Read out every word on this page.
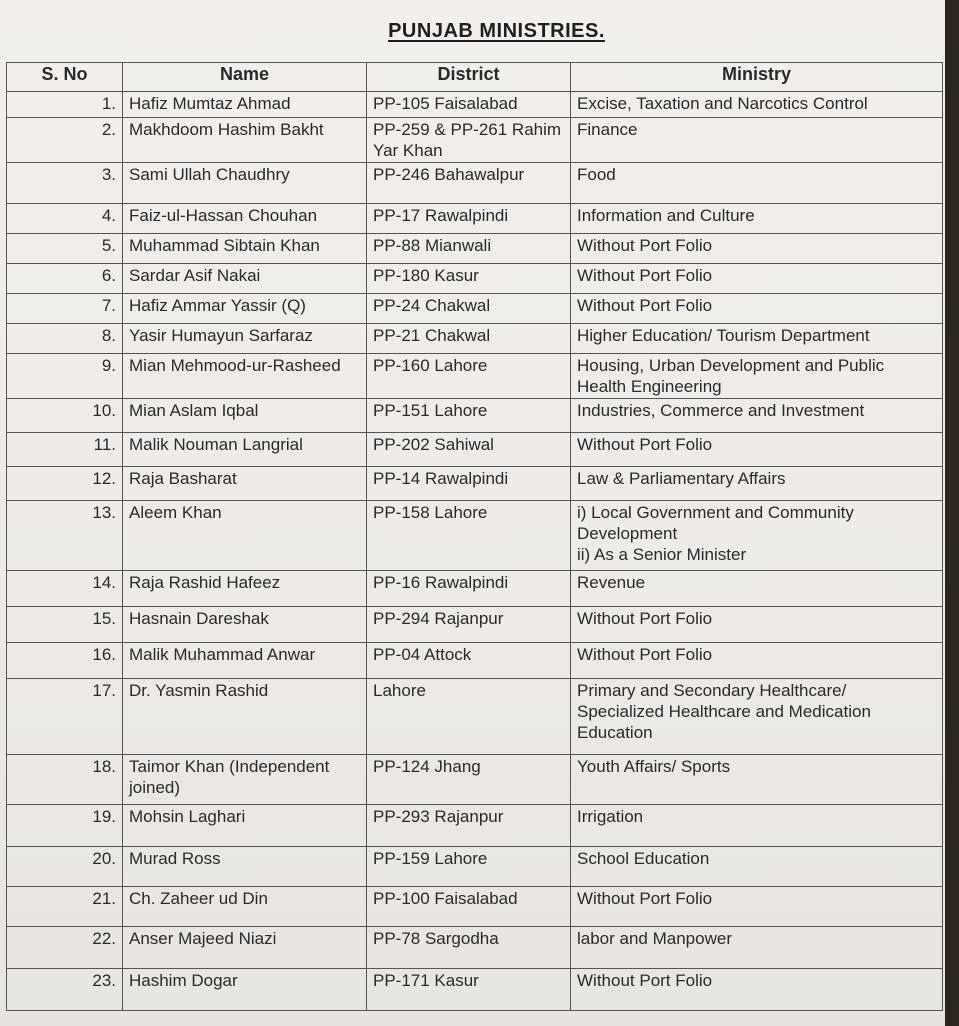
PUNJAB MINISTRIES.
S. No	Name	District	Ministry
1.	Hafiz Mumtaz Ahmad	PP-105 Faisalabad	Excise, Taxation and Narcotics Control
2.	Makhdoom Hashim Bakht	PP-259 & PP-261 Rahim Yar Khan	Finance
3.	Sami Ullah Chaudhry	PP-246 Bahawalpur	Food
4.	Faiz-ul-Hassan Chouhan	PP-17 Rawalpindi	Information and Culture
5.	Muhammad Sibtain Khan	PP-88 Mianwali	Without Port Folio
6.	Sardar Asif Nakai	PP-180 Kasur	Without Port Folio
7.	Hafiz Ammar Yassir (Q)	PP-24 Chakwal	Without Port Folio
8.	Yasir Humayun Sarfaraz	PP-21 Chakwal	Higher Education/ Tourism Department
9.	Mian Mehmood-ur-Rasheed	PP-160 Lahore	Housing, Urban Development and Public Health Engineering
10.	Mian Aslam Iqbal	PP-151 Lahore	Industries, Commerce and Investment
11.	Malik Nouman Langrial	PP-202 Sahiwal	Without Port Folio
12.	Raja Basharat	PP-14 Rawalpindi	Law & Parliamentary Affairs
13.	Aleem Khan	PP-158 Lahore	i) Local Government and Community Development
ii) As a Senior Minister
14.	Raja Rashid Hafeez	PP-16 Rawalpindi	Revenue
15.	Hasnain Dareshak	PP-294 Rajanpur	Without Port Folio
16.	Malik Muhammad Anwar	PP-04 Attock	Without Port Folio
17.	Dr. Yasmin Rashid	Lahore	Primary and Secondary Healthcare/ Specialized Healthcare and Medication Education
18.	Taimor Khan (Independent joined)	PP-124 Jhang	Youth Affairs/ Sports
19.	Mohsin Laghari	PP-293 Rajanpur	Irrigation
20.	Murad Ross	PP-159 Lahore	School Education
21.	Ch. Zaheer ud Din	PP-100 Faisalabad	Without Port Folio
22.	Anser Majeed Niazi	PP-78 Sargodha	labor and Manpower
23.	Hashim Dogar	PP-171 Kasur	Without Port Folio
